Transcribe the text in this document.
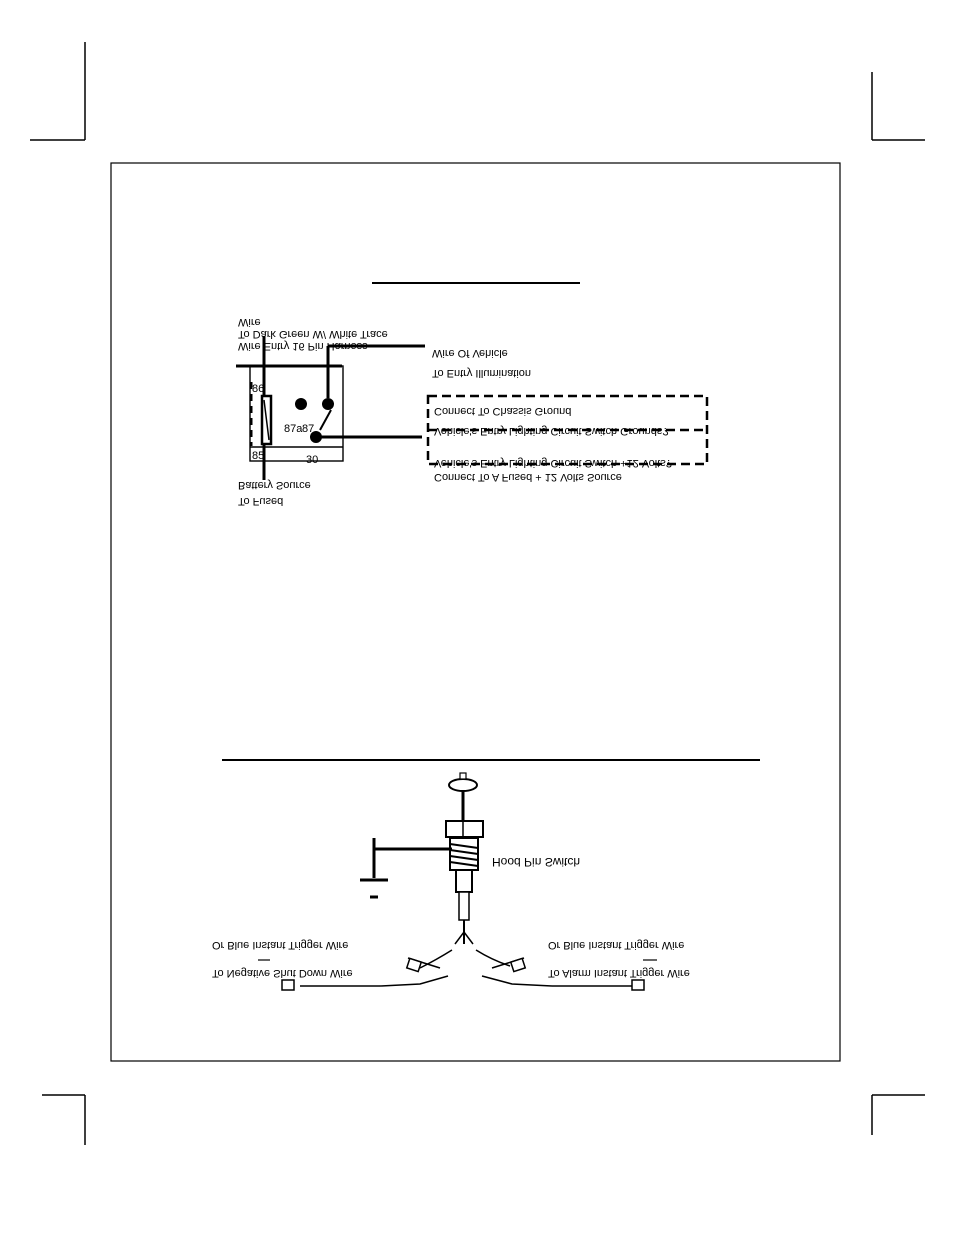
86
87
87a
85	30
Wire Entry 16 Pin Harness
To Dark Green W/ White Trace
Wire
To Entry Illumination
Wire Of Vehicle
Connect To A Fused + 12 Volts Source
Vehicle's Entry Lighting Circuit Switch +12 Volts?
Vehicle's Entry Lighting Circuit Switch Grounds?
Connect To Chassis Ground
To Fused
Battery Source
Hood Pin Switch
To Negative Shut Down Wire
Or Blue Instant Trigger Wire
To Alarm Instant Trigger Wire
Or Blue Instant Trigger Wire
